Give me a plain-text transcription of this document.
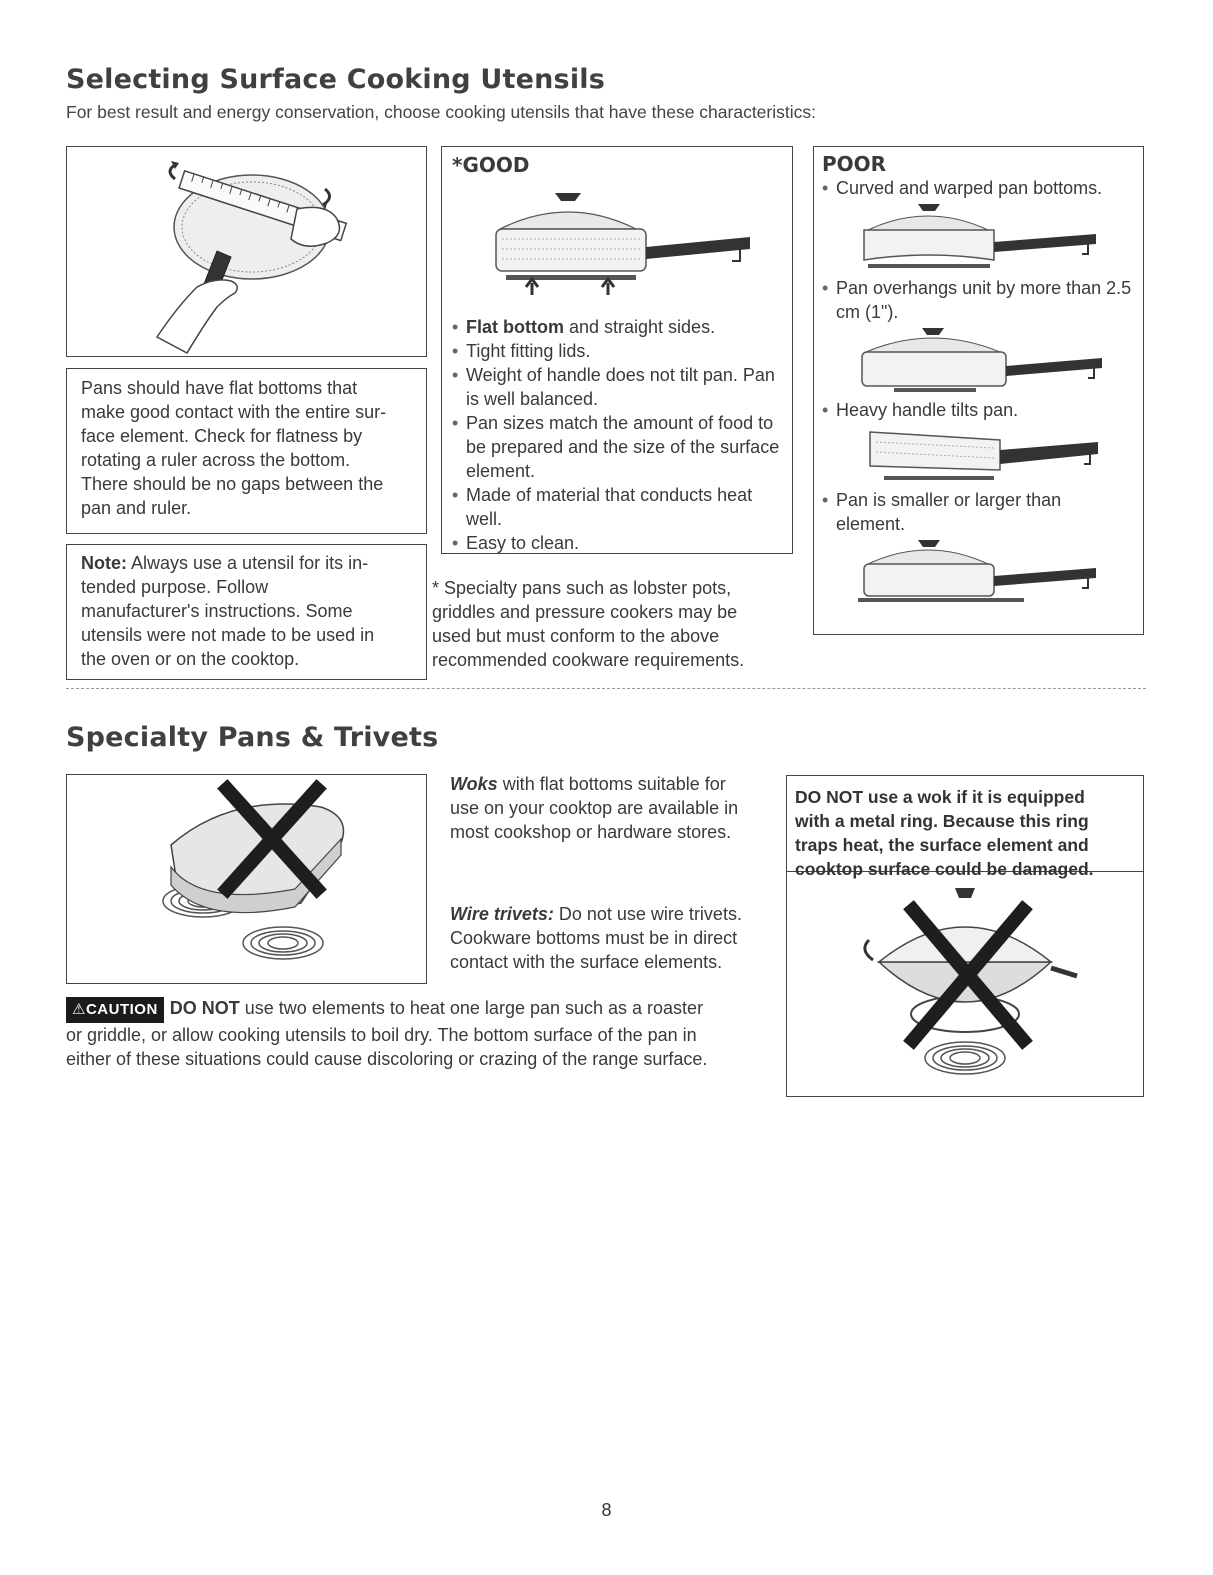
Selecting Surface Cooking Utensils

For best result and energy conservation, choose cooking utensils that have these characteristics:

Pans should have flat bottoms that

make good contact with the entire sur-

face element. Check for flatness by

rotating a ruler across the bottom.

There should be no gaps between the

pan and ruler.

Note: Always use a utensil for its in-

tended purpose. Follow

manufacturer's instructions. Some

utensils were not made to be used in

the oven or on the cooktop.

*GOOD

• Flat bottom and straight sides.
• Tight fitting lids.
• Weight of handle does not tilt pan. Pan is well balanced.
• Pan sizes match the amount of food to be prepared and the size of the surface element.
• Made of material that conducts heat well.
• Easy to clean.

* Specialty pans such as lobster pots,

griddles and pressure cookers may be

used but must conform to the above

recommended cookware requirements.

POOR

• Curved and warped pan bottoms.
• Pan overhangs unit by more than 2.5 cm (1").
• Heavy handle tilts pan.
• Pan is smaller or larger than element.
Specialty Pans & Trivets

Woks with flat bottoms suitable for

use on your cooktop are available in

most cookshop or hardware stores.

Wire trivets: Do not use wire trivets.

Cookware bottoms must be in direct

contact with the surface elements.

DO NOT use a wok if it is equipped
with a metal ring. Because this ring
traps heat, the surface element and
cooktop surface could be damaged.

⚠CAUTION DO NOT use two elements to heat one large pan such as a roaster

or griddle, or allow cooking utensils to boil dry. The bottom surface of the pan in

either of these situations could cause discoloring or crazing of the range surface.

8
